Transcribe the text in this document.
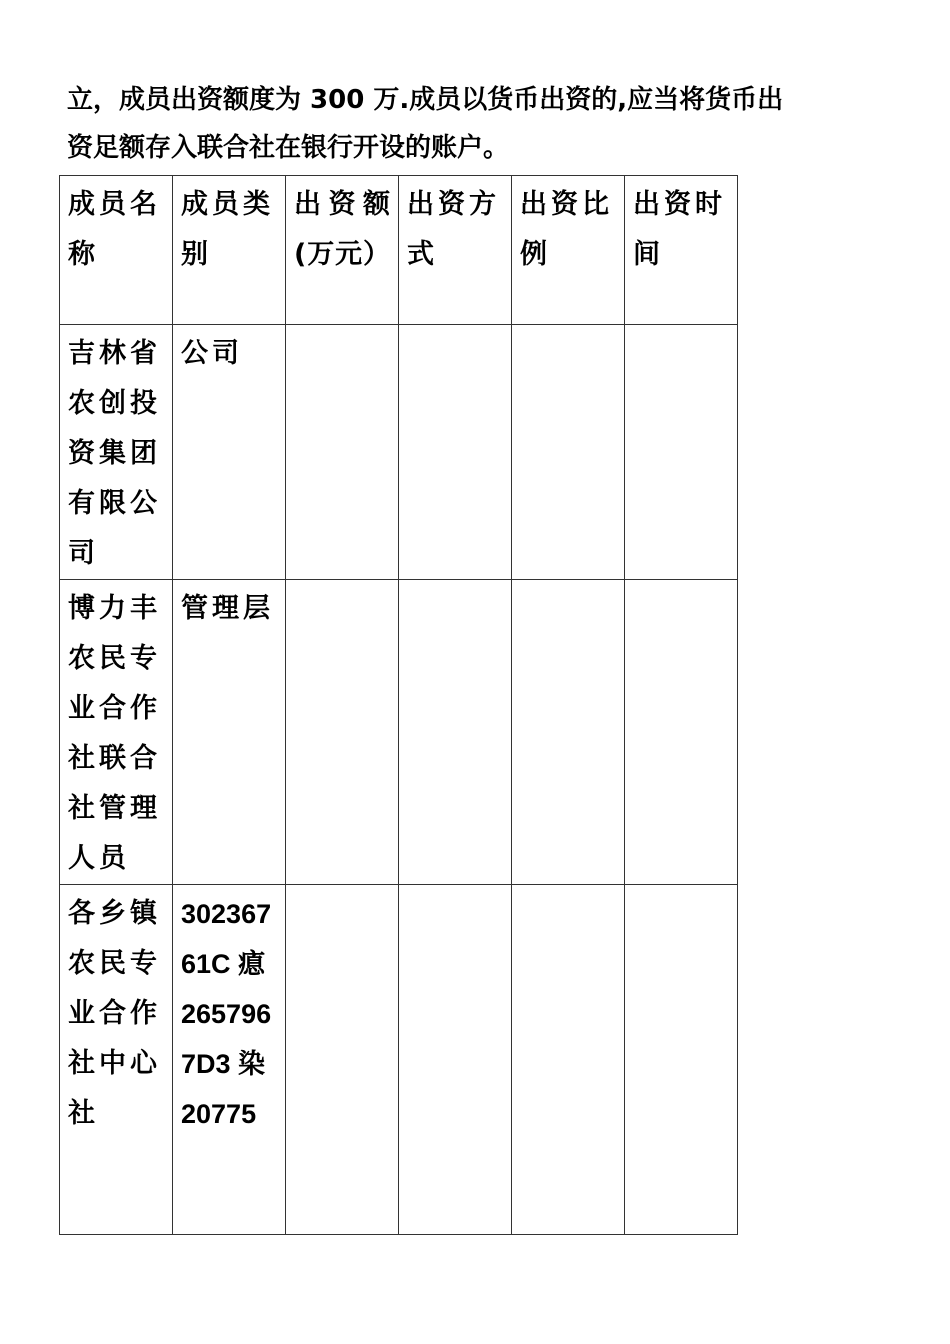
立，成员出资额度为 300 万.成员以货币出资的,应当将货币出
资足额存入联合社在银行开设的账户。
成员名称	成员类别	出资额(万元）	出资方式	出资比例	出资时间

吉林省农创投资集团有限公司	公司				

博力丰农民专业合作社联合社管理人员	管理层				

各乡镇农民专业合作社中心社	30236761C 瘜 2657967D3 染 20775				
